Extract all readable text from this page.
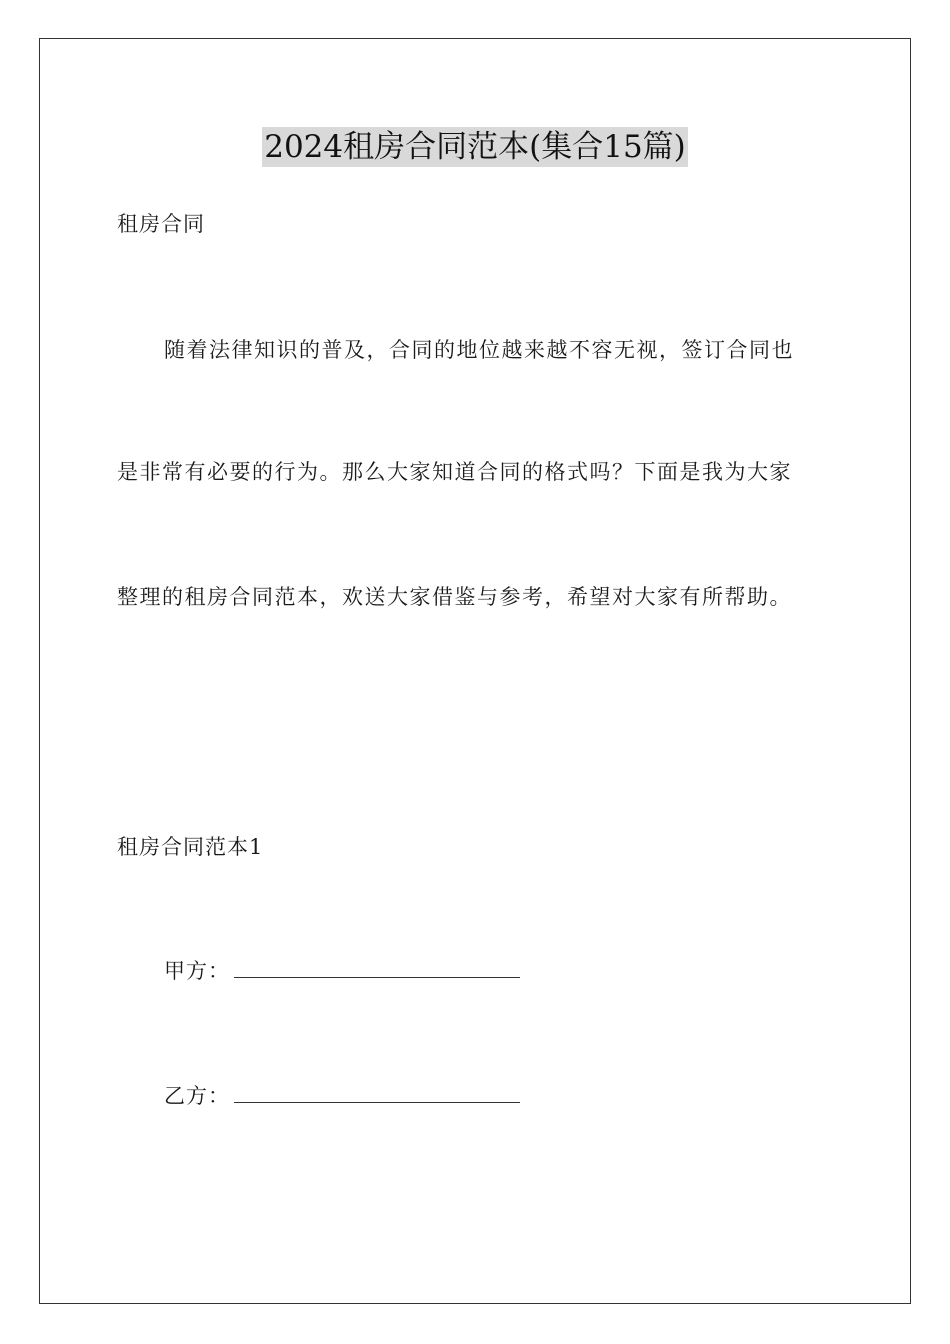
2024租房合同范本(集合15篇)
租房合同
随着法律知识的普及，合同的地位越来越不容无视，签订合同也
是非常有必要的行为。那么大家知道合同的格式吗？下面是我为大家
整理的租房合同范本，欢送大家借鉴与参考，希望对大家有所帮助。
租房合同范本1
甲方：
乙方：
